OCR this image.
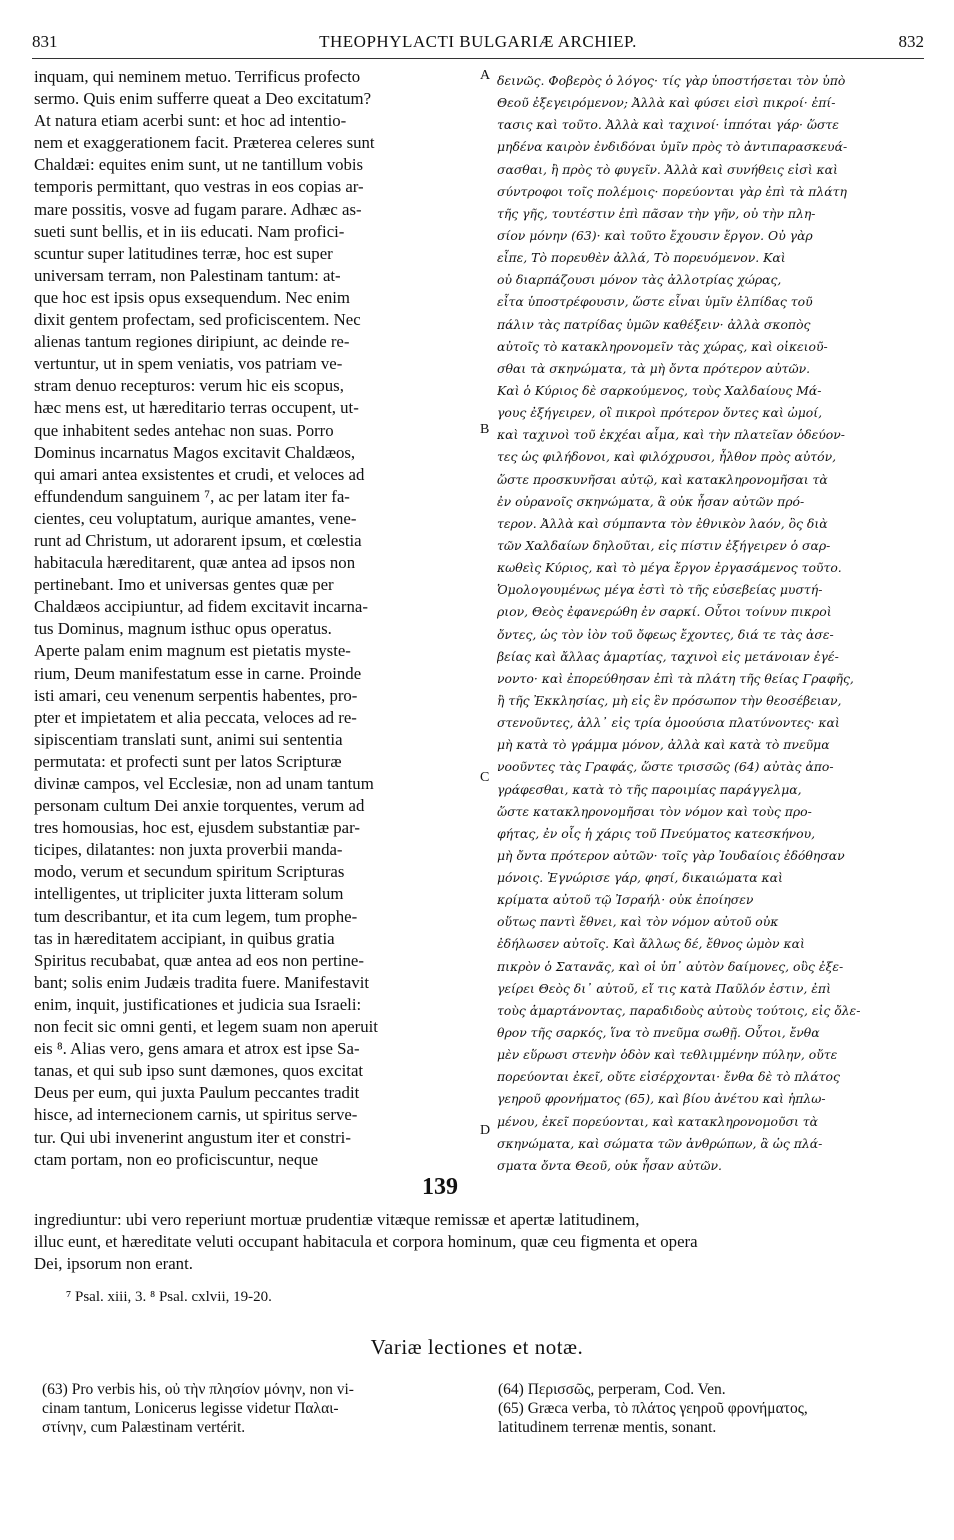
831	THEOPHYLACTI BULGARIÆ ARCHIEP.	832
inquam, qui neminem metuo. Terrificus profecto
sermo. Quis enim sufferre queat a Deo excitatum?
At natura etiam acerbi sunt: et hoc ad intentio-
nem et exaggerationem facit. Præterea celeres sunt
Chaldæi: equites enim sunt, ut ne tantillum vobis
temporis permittant, quo vestras in eos copias ar-
mare possitis, vosve ad fugam parare. Adhæc as-
sueti sunt bellis, et in iis educati. Nam profici-
scuntur super latitudines terræ, hoc est super
universam terram, non Palestinam tantum: at-
que hoc est ipsis opus exsequendum. Nec enim
dixit gentem profectam, sed proficiscentem. Nec
alienas tantum regiones diripiunt, ac deinde re-
vertuntur, ut in spem veniatis, vos patriam ve-
stram denuo recepturos: verum hic eis scopus,
hæc mens est, ut hæreditario terras occupent, ut-
que inhabitent sedes antehac non suas. Porro
Dominus incarnatus Magos excitavit Chaldæos,
qui amari antea exsistentes et crudi, et veloces ad
effundendum sanguinem ⁷, ac per latam iter fa-
cientes, ceu voluptatum, aurique amantes, vene-
runt ad Christum, ut adorarent ipsum, et cœlestia
habitacula hæreditarent, quæ antea ad ipsos non
pertinebant. Imo et universas gentes quæ per
Chaldæos accipiuntur, ad fidem excitavit incarna-
tus Dominus, magnum isthuc opus operatus.
Aperte palam enim magnum est pietatis myste-
rium, Deum manifestatum esse in carne. Proinde
isti amari, ceu venenum serpentis habentes, pro-
pter et impietatem et alia peccata, veloces ad re-
sipiscentiam translati sunt, animi sui sententia
permutata: et profecti sunt per latos Scripturæ
divinæ campos, vel Ecclesiæ, non ad unam tantum
personam cultum Dei anxie torquentes, verum ad
tres homousias, hoc est, ejusdem substantiæ par-
ticipes, dilatantes: non juxta proverbii manda-
modo, verum et secundum spiritum Scripturas
intelligentes, ut tripliciter juxta litteram solum
tum describantur, et ita cum legem, tum prophe-
tas in hæreditatem accipiant, in quibus gratia
Spiritus recubabat, quæ antea ad eos non pertine-
bant; solis enim Judæis tradita fuere. Manifestavit
enim, inquit, justificationes et judicia sua Israeli:
non fecit sic omni genti, et legem suam non aperuit
eis ⁸. Alias vero, gens amara et atrox est ipse Sa-
tanas, et qui sub ipso sunt dæmones, quos excitat
Deus per eum, qui juxta Paulum peccantes tradit
hisce, ad internecionem carnis, ut spiritus serve-
tur. Qui ubi invenerint angustum iter et constri-
ctam portam, non eo proficiscuntur, neque
δεινῶς. Φοβερὸς ὁ λόγος· τίς γὰρ ὑποστήσεται τὸν ὑπὸ
Θεοῦ ἐξεγειρόμενον; Ἀλλὰ καὶ φύσει εἰσὶ πικροί· ἐπί-
τασις καὶ τοῦτο. Ἀλλὰ καὶ ταχινοί· ἱππόται γάρ· ὥστε
μηδένα καιρὸν ἐνδιδόναι ὑμῖν πρὸς τὸ ἀντιπαρασκευά-
σασθαι, ἢ πρὸς τὸ φυγεῖν. Ἀλλὰ καὶ συνήθεις εἰσὶ καὶ
σύντροφοι τοῖς πολέμοις· πορεύονται γὰρ ἐπὶ τὰ πλάτη
τῆς γῆς, τουτέστιν ἐπὶ πᾶσαν τὴν γῆν, οὐ τὴν πλη-
σίον μόνην (63)· καὶ τοῦτο ἔχουσιν ἔργον. Οὐ γὰρ
εἶπε, Τὸ πορευθὲν ἀλλά, Τὸ πορευόμενον. Καὶ
οὐ διαρπάζουσι μόνον τὰς ἀλλοτρίας χώρας,
εἶτα ὑποστρέφουσιν, ὥστε εἶναι ὑμῖν ἐλπίδας τοῦ
πάλιν τὰς πατρίδας ὑμῶν καθέξειν· ἀλλὰ σκοπὸς
αὐτοῖς τὸ κατακληρονομεῖν τὰς χώρας, καὶ οἰκειοῦ-
σθαι τὰ σκηνώματα, τὰ μὴ ὄντα πρότερον αὐτῶν.
Καὶ ὁ Κύριος δὲ σαρκούμενος, τοὺς Χαλδαίους Μά-
γους ἐξήγειρεν, οἳ πικροὶ πρότερον ὄντες καὶ ὠμοί,
καὶ ταχινοὶ τοῦ ἐκχέαι αἷμα, καὶ τὴν πλατεῖαν ὁδεύον-
τες ὡς φιλήδονοι, καὶ φιλόχρυσοι, ἦλθον πρὸς αὐτόν,
ὥστε προσκυνῆσαι αὐτῷ, καὶ κατακληρονομῆσαι τὰ
ἐν οὐρανοῖς σκηνώματα, ἃ οὐκ ἦσαν αὐτῶν πρό-
τερον. Ἀλλὰ καὶ σύμπαντα τὸν ἐθνικὸν λαόν, ὃς διὰ
τῶν Χαλδαίων δηλοῦται, εἰς πίστιν ἐξήγειρεν ὁ σαρ-
κωθεὶς Κύριος, καὶ τὸ μέγα ἔργον ἐργασάμενος τοῦτο.
Ὁμολογουμένως μέγα ἐστὶ τὸ τῆς εὐσεβείας μυστή-
ριον, Θεὸς ἐφανερώθη ἐν σαρκί. Οὗτοι τοίνυν πικροὶ
ὄντες, ὡς τὸν ἰὸν τοῦ ὄφεως ἔχοντες, διά τε τὰς ἀσε-
βείας καὶ ἄλλας ἁμαρτίας, ταχινοὶ εἰς μετάνοιαν ἐγέ-
νοντο· καὶ ἐπορεύθησαν ἐπὶ τὰ πλάτη τῆς θείας Γραφῆς,
ἢ τῆς Ἐκκλησίας, μὴ εἰς ἓν πρόσωπον τὴν θεοσέβειαν,
στενοῦντες, ἀλλ᾽ εἰς τρία ὁμοούσια πλατύνοντες· καὶ
μὴ κατὰ τὸ γράμμα μόνον, ἀλλὰ καὶ κατὰ τὸ πνεῦμα
νοοῦντες τὰς Γραφάς, ὥστε τρισσῶς (64) αὐτὰς ἀπο-
γράφεσθαι, κατὰ τὸ τῆς παροιμίας παράγγελμα,
ὥστε κατακληρονομῆσαι τὸν νόμον καὶ τοὺς προ-
φήτας, ἐν οἷς ἡ χάρις τοῦ Πνεύματος κατεσκήνου,
μὴ ὄντα πρότερον αὐτῶν· τοῖς γὰρ Ἰουδαίοις ἐδόθησαν
μόνοις. Ἐγνώρισε γάρ, φησί, δικαιώματα καὶ
κρίματα αὐτοῦ τῷ Ἰσραήλ· οὐκ ἐποίησεν
οὕτως παντὶ ἔθνει, καὶ τὸν νόμον αὐτοῦ οὐκ
ἐδήλωσεν αὐτοῖς. Καὶ ἄλλως δέ, ἔθνος ὠμὸν καὶ
πικρὸν ὁ Σατανᾶς, καὶ οἱ ὑπ᾽ αὐτὸν δαίμονες, οὓς ἐξε-
γείρει Θεὸς δι᾽ αὐτοῦ, εἴ τις κατὰ Παῦλόν ἐστιν, ἐπὶ
τοὺς ἁμαρτάνοντας, παραδιδοὺς αὐτοὺς τούτοις, εἰς ὄλε-
θρον τῆς σαρκός, ἵνα τὸ πνεῦμα σωθῇ. Οὗτοι, ἔνθα
μὲν εὕρωσι στενὴν ὁδὸν καὶ τεθλιμμένην πύλην, οὔτε
πορεύονται ἐκεῖ, οὔτε εἰσέρχονται· ἔνθα δὲ τὸ πλάτος
γεηροῦ φρονήματος (65), καὶ βίου ἀνέτου καὶ ἡπλω-
μένου, ἐκεῖ πορεύονται, καὶ κατακληρονομοῦσι τὰ
σκηνώματα, καὶ σώματα τῶν ἀνθρώπων, ἃ ὡς πλά-
σματα ὄντα Θεοῦ, οὐκ ἦσαν αὐτῶν.
A
B
C
D
139
ingrediuntur: ubi vero reperiunt mortuæ prudentiæ vitæque remissæ et apertæ latitudinem,
illuc eunt, et hæreditate veluti occupant habitacula et corpora hominum, quæ ceu figmenta et opera
Dei, ipsorum non erant.
⁷ Psal. xiii, 3. ⁸ Psal. cxlvii, 19-20.
Variæ lectiones et notæ.
(63) Pro verbis his, οὐ τὴν πλησίον μόνην, non vi-
cinam tantum, Lonicerus legisse videtur Παλαι-
στίνην, cum Palæstinam vertérit.
(64) Περισσῶς, perperam, Cod. Ven.
(65) Græca verba, τὸ πλάτος γεηροῦ φρονήματος,
latitudinem terrenæ mentis, sonant.
